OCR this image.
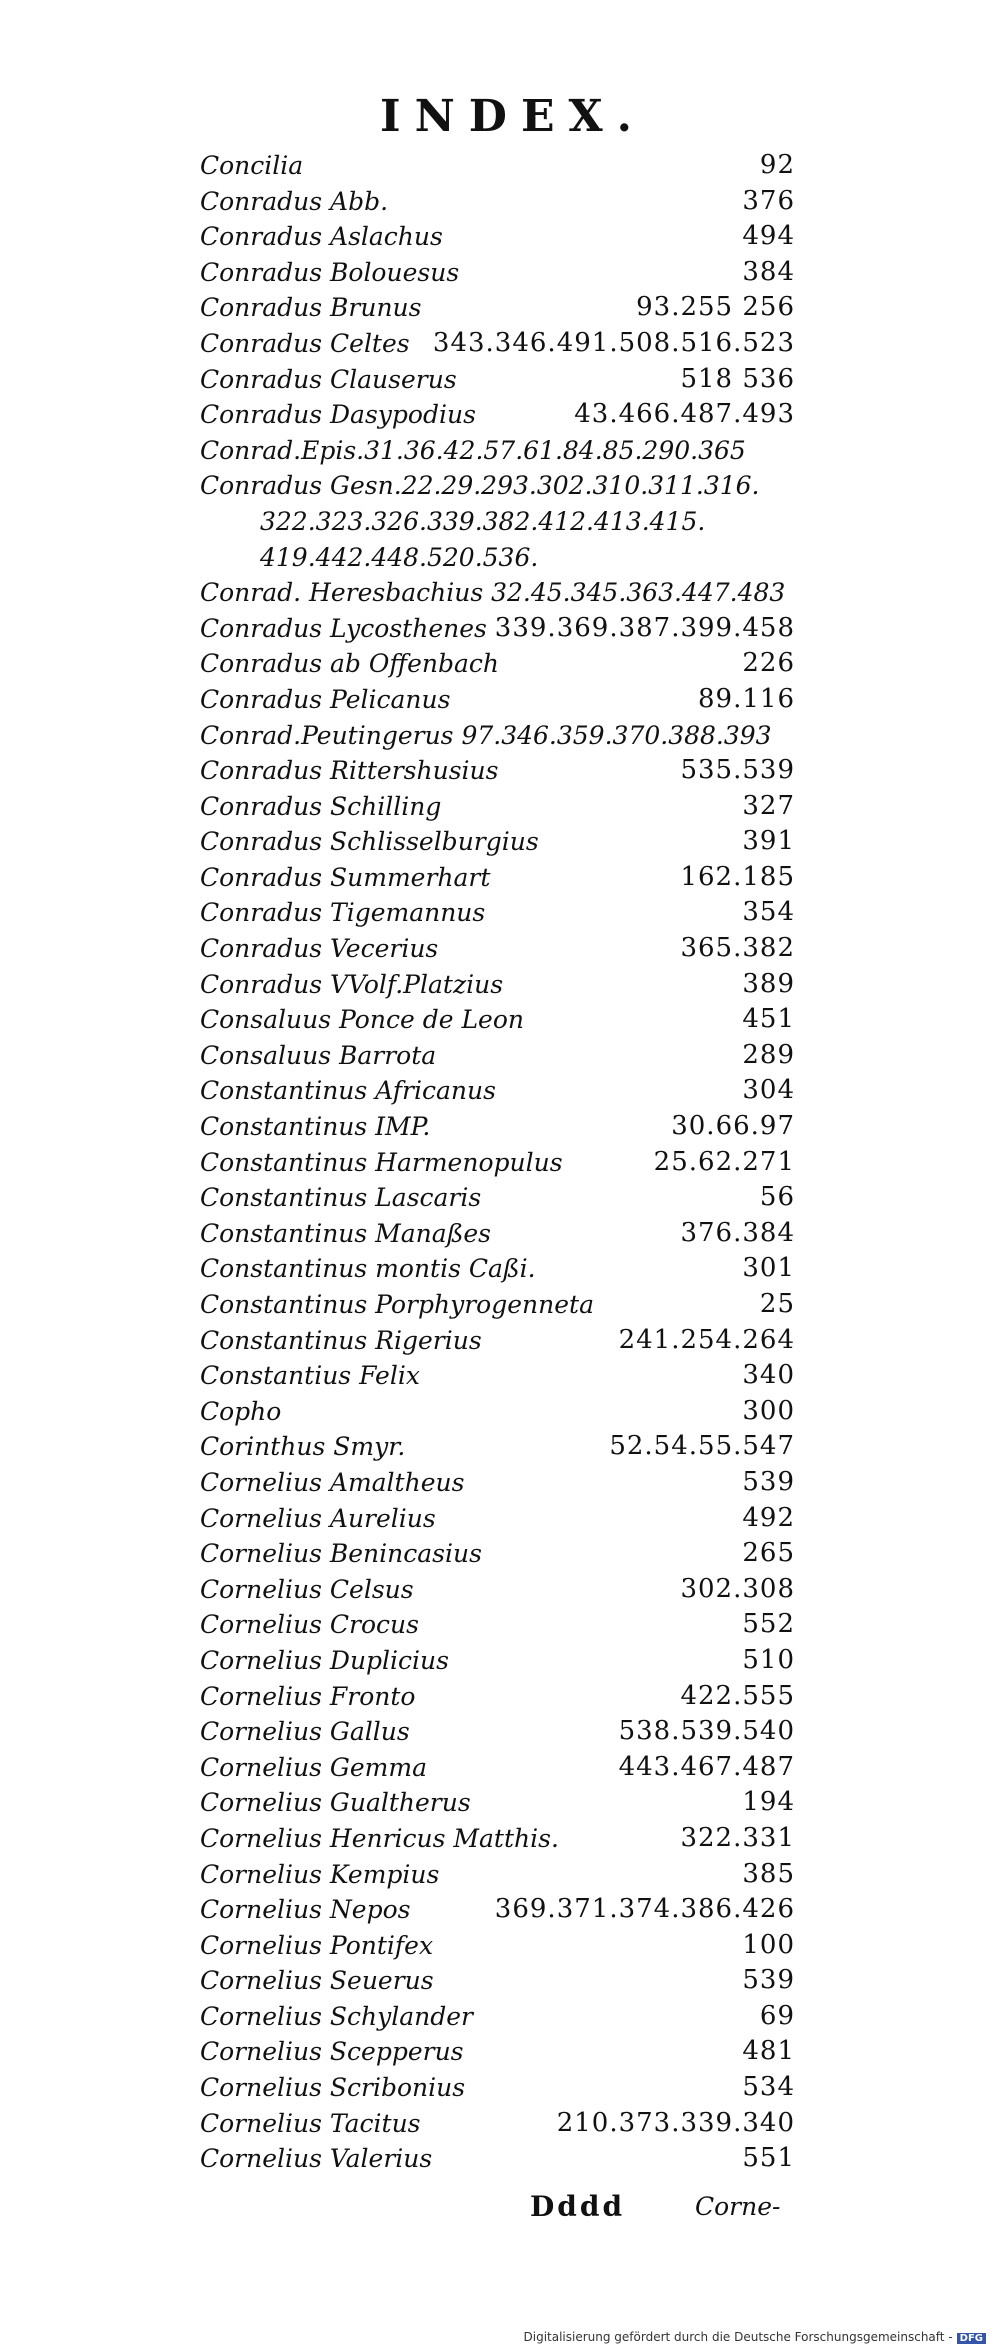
INDEX.
Concilia	92
Conradus Abb.	376
Conradus Aslachus	494
Conradus Bolouesus	384
Conradus Brunus	93.255 256
Conradus Celtes 343.346.491.508.516.523
Conradus Clauserus	518 536
Conradus Dasypodius	43.466.487.493
Conrad.Epis.31.36.42.57.61.84.85.290.365
Conradus Gesn.22.29.293.302.310.311.316.
322.323.326.339.382.412.413.415.
419.442.448.520.536.
Conrad. Heresbachius 32.45.345.363.447.483
Conradus Lycosthenes 339.369.387.399.458
Conradus ab Offenbach	226
Conradus Pelicanus	89.116
Conrad.Peutingerus 97.346.359.370.388.393
Conradus Rittershusius	535.539
Conradus Schilling	327
Conradus Schlisselburgius	391
Conradus Summerhart	162.185
Conradus Tigemannus	354
Conradus Vecerius	365.382
Conradus VVolf.Platzius	389
Consaluus Ponce de Leon	451
Consaluus Barrota	289
Constantinus Africanus	304
Constantinus IMP.	30.66.97
Constantinus Harmenopulus	25.62.271
Constantinus Lascaris	56
Constantinus Manaßes	376.384
Constantinus montis Caßi.	301
Constantinus Porphyrogenneta	25
Constantinus Rigerius	241.254.264
Constantius Felix	340
Copho	300
Corinthus Smyr.	52.54.55.547
Cornelius Amaltheus	539
Cornelius Aurelius	492
Cornelius Benincasius	265
Cornelius Celsus	302.308
Cornelius Crocus	552
Cornelius Duplicius	510
Cornelius Fronto	422.555
Cornelius Gallus	538.539.540
Cornelius Gemma	443.467.487
Cornelius Gualtherus	194
Cornelius Henricus Matthis.	322.331
Cornelius Kempius	385
Cornelius Nepos	369.371.374.386.426
Cornelius Pontifex	100
Cornelius Seuerus	539
Cornelius Schylander	69
Cornelius Scepperus	481
Cornelius Scribonius	534
Cornelius Tacitus	210.373.339.340
Cornelius Valerius	551
Dddd	Corne-
Digitalisierung gefördert durch die Deutsche Forschungsgemeinschaft - DFG
